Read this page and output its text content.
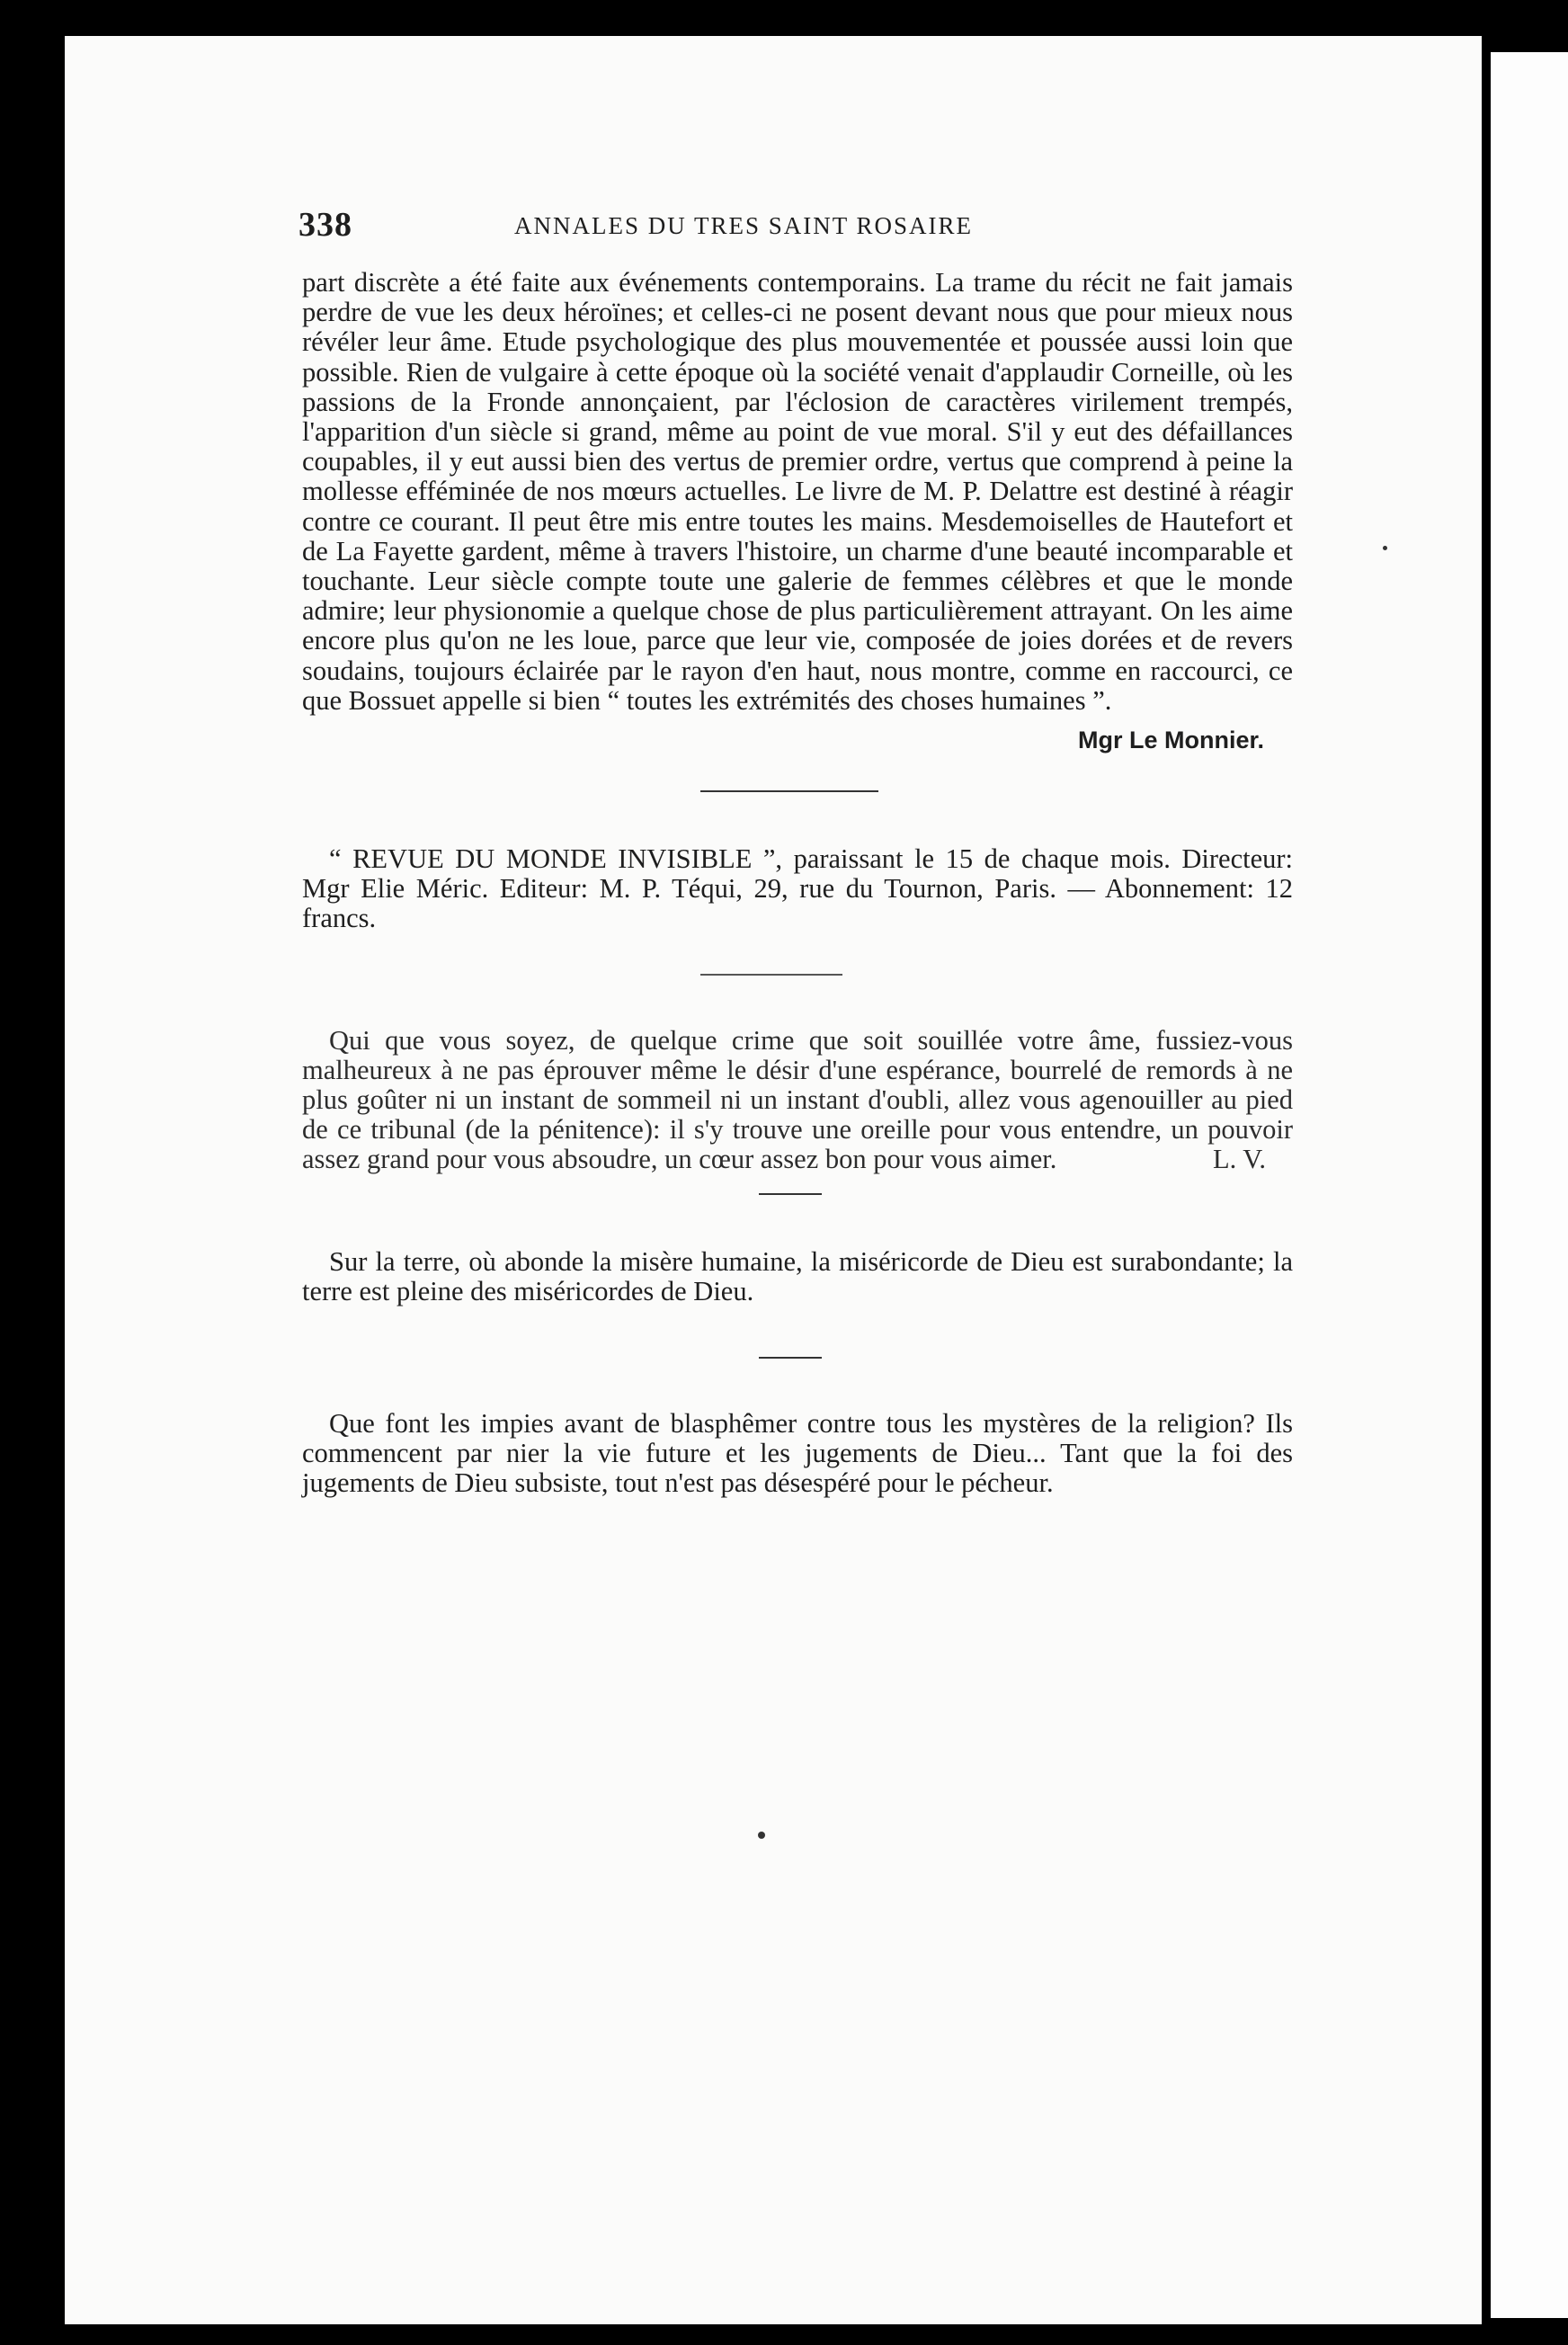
338	ANNALES DU TRES SAINT ROSAIRE

part discrète a été faite aux événements contemporains. La trame du récit ne fait jamais perdre de vue les deux héroïnes; et celles-ci ne posent devant nous que pour mieux nous révéler leur âme. Etude psychologique des plus mouvementée et poussée aussi loin que possible. Rien de vulgaire à cette époque où la société venait d'applaudir Corneille, où les passions de la Fronde annonçaient, par l'éclosion de caractères virilement trempés, l'apparition d'un siècle si grand, même au point de vue moral. S'il y eut des défaillances coupables, il y eut aussi bien des vertus de premier ordre, vertus que comprend à peine la mollesse efféminée de nos mœurs actuelles. Le livre de M. P. Delattre est destiné à réagir contre ce courant. Il peut être mis entre toutes les mains. Mesdemoiselles de Hautefort et de La Fayette gardent, même à travers l'histoire, un charme d'une beauté incomparable et touchante. Leur siècle compte toute une galerie de femmes célèbres et que le monde admire; leur physionomie a quelque chose de plus particulièrement attrayant. On les aime encore plus qu'on ne les loue, parce que leur vie, composée de joies dorées et de revers soudains, toujours éclairée par le rayon d'en haut, nous montre, comme en raccourci, ce que Bossuet appelle si bien “ toutes les extrémités des choses humaines ”.

Mgr Le Monnier.

“ REVUE DU MONDE INVISIBLE ”, paraissant le 15 de chaque mois. Directeur: Mgr Elie Méric. Editeur: M. P. Téqui, 29, rue du Tournon, Paris. — Abonnement: 12 francs.

Qui que vous soyez, de quelque crime que soit souillée votre âme, fussiez-vous malheureux à ne pas éprouver même le désir d'une espérance, bourrelé de remords à ne plus goûter ni un instant de sommeil ni un instant d'oubli, allez vous agenouiller au pied de ce tribunal (de la pénitence): il s'y trouve une oreille pour vous entendre, un pouvoir assez grand pour vous absoudre, un cœur assez bon pour vous aimer.	L. V.

Sur la terre, où abonde la misère humaine, la miséricorde de Dieu est surabondante; la terre est pleine des miséricordes de Dieu.

Que font les impies avant de blasphêmer contre tous les mystères de la religion? Ils commencent par nier la vie future et les jugements de Dieu... Tant que la foi des jugements de Dieu subsiste, tout n'est pas désespéré pour le pécheur.
